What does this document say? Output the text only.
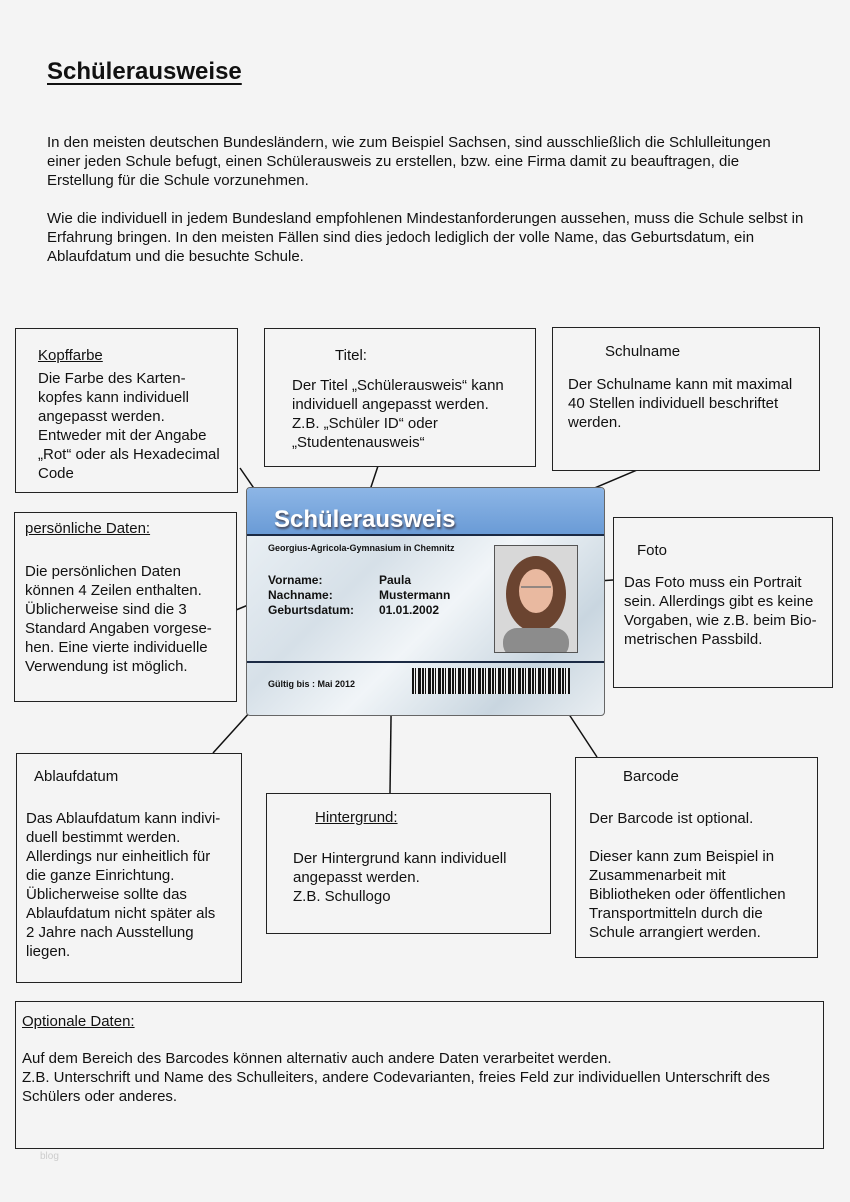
Schülerausweise
In den meisten deutschen Bundesländern, wie zum Beispiel Sachsen, sind ausschließlich die Schlulleitungen einer jeden Schule befugt, einen Schülerausweis zu erstellen, bzw. eine Firma damit zu beauftragen, die Erstellung für die Schule vorzunehmen.
Wie die individuell in jedem Bundesland empfohlenen Mindestanforderungen aussehen, muss die Schule selbst in Erfahrung bringen. In den meisten Fällen sind dies jedoch lediglich der volle Name, das Geburtsdatum, ein Ablaufdatum und die besuchte Schule.
Kopffarbe

Die Farbe des Karten-

kopfes kann individuell

angepasst werden.

Entweder mit der Angabe

„Rot“ oder als Hexadecimal

Code

Titel:

Der Titel „Schülerausweis“ kann

individuell angepasst werden.

Z.B. „Schüler ID“ oder

„Studentenausweis“

Schulname

Der Schulname kann mit maximal

40 Stellen individuell beschriftet

werden.

persönliche Daten:

Die persönlichen Daten

können 4 Zeilen enthalten.

Üblicherweise sind die 3

Standard Angaben vorgese-

hen. Eine vierte individuelle

Verwendung ist möglich.

Foto

Das Foto muss ein Portrait

sein. Allerdings gibt es keine

Vorgaben, wie z.B. beim Bio-

metrischen Passbild.

Ablaufdatum

Das Ablaufdatum kann indivi-

duell bestimmt werden.

Allerdings nur einheitlich für

die ganze Einrichtung.

Üblicherweise sollte das

Ablaufdatum nicht später als

2 Jahre nach Ausstellung

liegen.

Hintergrund:

Der Hintergrund kann individuell

angepasst werden.

Z.B. Schullogo

Barcode

Der Barcode ist optional.

Dieser kann zum Beispiel in

Zusammenarbeit mit

Bibliotheken oder öffentlichen

Transportmitteln durch die

Schule arrangiert werden.

Optionale Daten:

Auf dem Bereich des Barcodes können alternativ auch andere Daten verarbeitet werden.

Z.B. Unterschrift und Name des Schulleiters, andere Codevarianten, freies Feld zur individuellen Unterschrift des

Schülers oder anderes.

Schülerausweis
Georgius-Agricola-Gymnasium in Chemnitz
Vorname:
Nachname:
Geburtsdatum:
Paula
Mustermann
01.01.2002
Gültig bis : Mai 2012
blog
